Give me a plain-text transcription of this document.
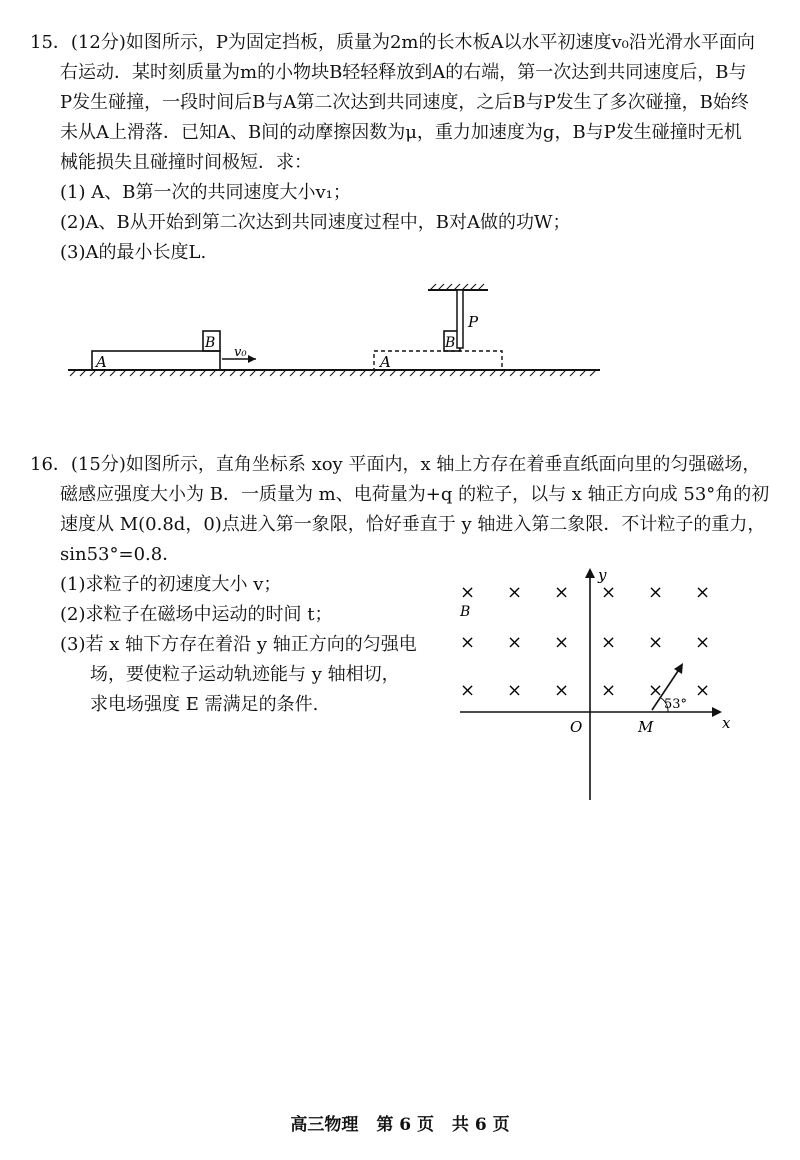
15．(12分)如图所示，P为固定挡板，质量为2m的长木板A以水平初速度v₀沿光滑水平面向
右运动．某时刻质量为m的小物块B轻轻释放到A的右端，第一次达到共同速度后，B与
P发生碰撞，一段时间后B与A第二次达到共同速度，之后B与P发生了多次碰撞，B始终
未从A上滑落．已知A、B间的动摩擦因数为μ，重力加速度为g，B与P发生碰撞时无机
械能损失且碰撞时间极短．求：
(1) A、B第一次的共同速度大小v₁；
(2)A、B从开始到第二次达到共同速度过程中，B对A做的功W；
(3)A的最小长度L.
A
B
v₀
A
B
P
16．(15分)如图所示，直角坐标系 xoy 平面内，x 轴上方存在着垂直纸面向里的匀强磁场，
磁感应强度大小为 B．一质量为 m、电荷量为+q 的粒子，以与 x 轴正方向成 53°角的初
速度从 M(0.8d，0)点进入第一象限，恰好垂直于 y 轴进入第二象限．不计粒子的重力，
sin53°=0.8．
(1)求粒子的初速度大小 v；
(2)求粒子在磁场中运动的时间 t；
(3)若 x 轴下方存在着沿 y 轴正方向的匀强电
场，要使粒子运动轨迹能与 y 轴相切，
求电场强度 E 需满足的条件.
y
x
O	M
B
× × × × × ×
× × × × × ×
× × × × × ×
53°
高三物理 第 6 页 共 6 页
